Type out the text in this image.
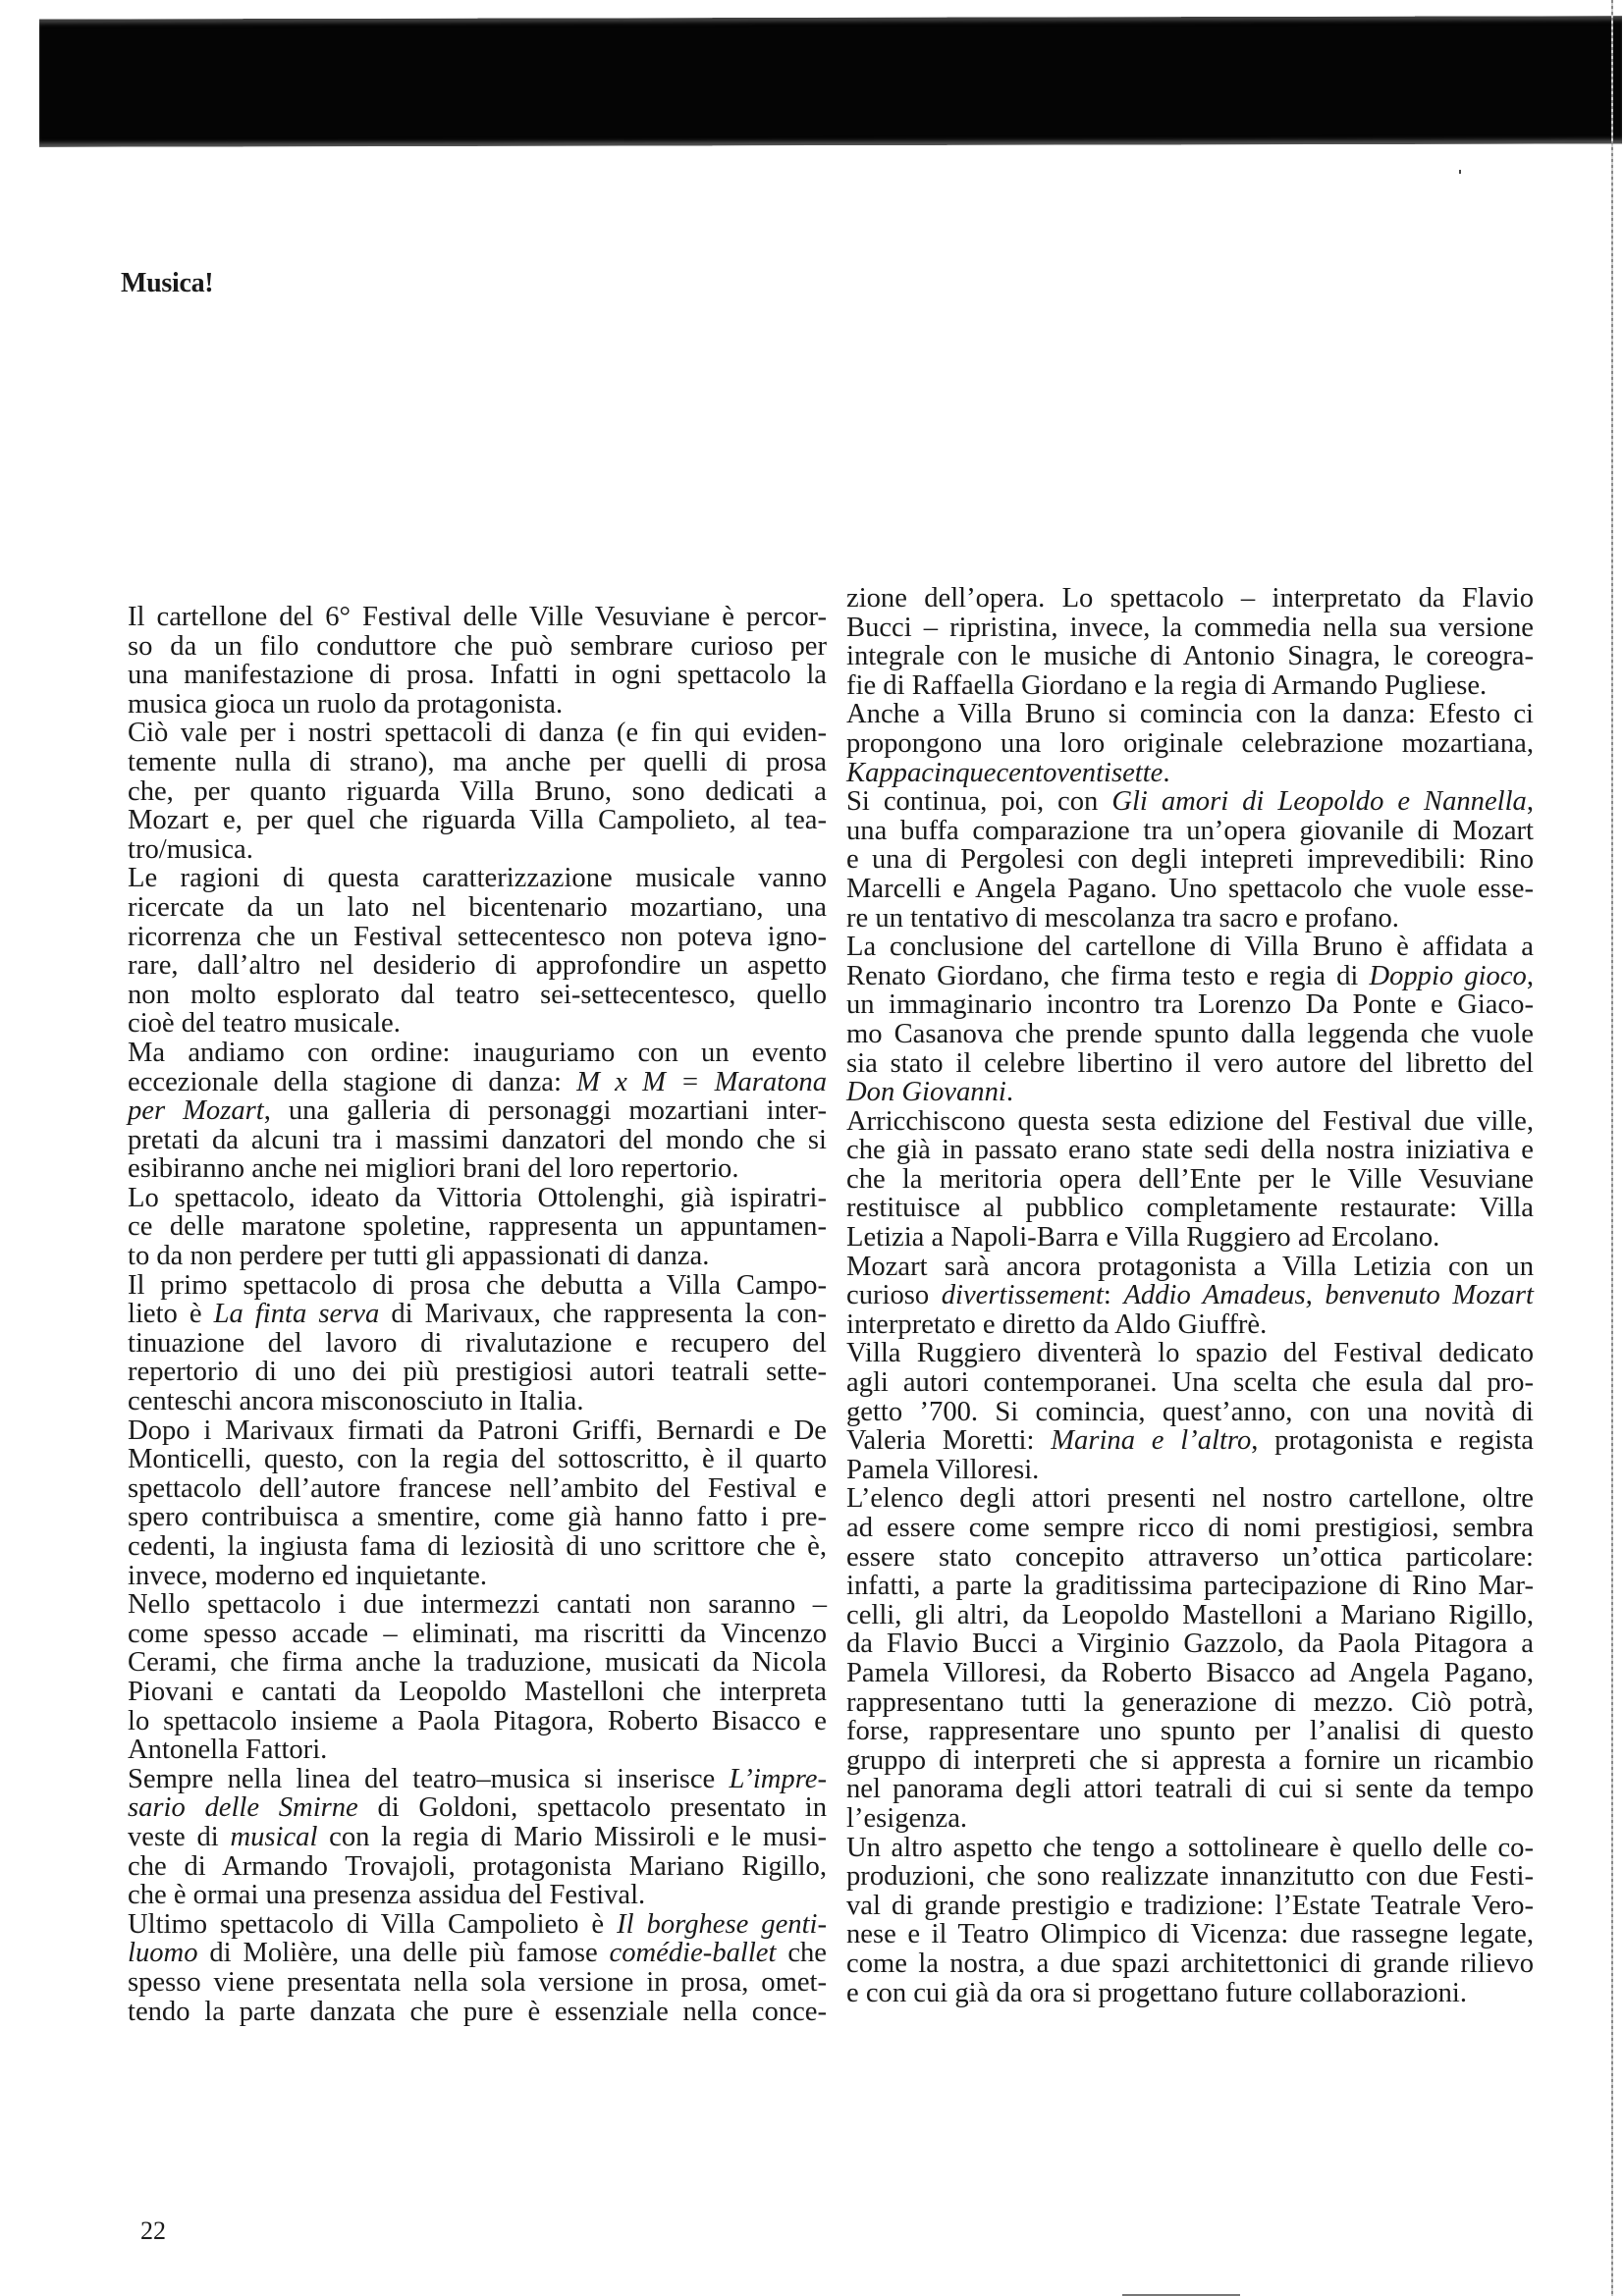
Musica!
Il cartellone del 6° Festival delle Ville Vesuviane è percor-
so da un filo conduttore che può sembrare curioso per
una manifestazione di prosa. Infatti in ogni spettacolo la
musica gioca un ruolo da protagonista.
Ciò vale per i nostri spettacoli di danza (e fin qui eviden-
temente nulla di strano), ma anche per quelli di prosa
che, per quanto riguarda Villa Bruno, sono dedicati a
Mozart e, per quel che riguarda Villa Campolieto, al tea-
tro/musica.
Le ragioni di questa caratterizzazione musicale vanno
ricercate da un lato nel bicentenario mozartiano, una
ricorrenza che un Festival settecentesco non poteva igno-
rare, dall’altro nel desiderio di approfondire un aspetto
non molto esplorato dal teatro sei-settecentesco, quello
cioè del teatro musicale.
Ma andiamo con ordine: inauguriamo con un evento
eccezionale della stagione di danza: M x M = Maratona
per Mozart, una galleria di personaggi mozartiani inter-
pretati da alcuni tra i massimi danzatori del mondo che si
esibiranno anche nei migliori brani del loro repertorio.
Lo spettacolo, ideato da Vittoria Ottolenghi, già ispiratri-
ce delle maratone spoletine, rappresenta un appuntamen-
to da non perdere per tutti gli appassionati di danza.
Il primo spettacolo di prosa che debutta a Villa Campo-
lieto è La finta serva di Marivaux, che rappresenta la con-
tinuazione del lavoro di rivalutazione e recupero del
repertorio di uno dei più prestigiosi autori teatrali sette-
centeschi ancora misconosciuto in Italia.
Dopo i Marivaux firmati da Patroni Griffi, Bernardi e De
Monticelli, questo, con la regia del sottoscritto, è il quarto
spettacolo dell’autore francese nell’ambito del Festival e
spero contribuisca a smentire, come già hanno fatto i pre-
cedenti, la ingiusta fama di leziosità di uno scrittore che è,
invece, moderno ed inquietante.
Nello spettacolo i due intermezzi cantati non saranno –
come spesso accade – eliminati, ma riscritti da Vincenzo
Cerami, che firma anche la traduzione, musicati da Nicola
Piovani e cantati da Leopoldo Mastelloni che interpreta
lo spettacolo insieme a Paola Pitagora, Roberto Bisacco e
Antonella Fattori.
Sempre nella linea del teatro–musica si inserisce L’impre-
sario delle Smirne di Goldoni, spettacolo presentato in
veste di musical con la regia di Mario Missiroli e le musi-
che di Armando Trovajoli, protagonista Mariano Rigillo,
che è ormai una presenza assidua del Festival.
Ultimo spettacolo di Villa Campolieto è Il borghese genti-
luomo di Molière, una delle più famose comédie-ballet che
spesso viene presentata nella sola versione in prosa, omet-
tendo la parte danzata che pure è essenziale nella conce-
zione dell’opera. Lo spettacolo – interpretato da Flavio
Bucci – ripristina, invece, la commedia nella sua versione
integrale con le musiche di Antonio Sinagra, le coreogra-
fie di Raffaella Giordano e la regia di Armando Pugliese.
Anche a Villa Bruno si comincia con la danza: Efesto ci
propongono una loro originale celebrazione mozartiana,
Kappacinquecentoventisette.
Si continua, poi, con Gli amori di Leopoldo e Nannella,
una buffa comparazione tra un’opera giovanile di Mozart
e una di Pergolesi con degli intepreti imprevedibili: Rino
Marcelli e Angela Pagano. Uno spettacolo che vuole esse-
re un tentativo di mescolanza tra sacro e profano.
La conclusione del cartellone di Villa Bruno è affidata a
Renato Giordano, che firma testo e regia di Doppio gioco,
un immaginario incontro tra Lorenzo Da Ponte e Giaco-
mo Casanova che prende spunto dalla leggenda che vuole
sia stato il celebre libertino il vero autore del libretto del
Don Giovanni.
Arricchiscono questa sesta edizione del Festival due ville,
che già in passato erano state sedi della nostra iniziativa e
che la meritoria opera dell’Ente per le Ville Vesuviane
restituisce al pubblico completamente restaurate: Villa
Letizia a Napoli-Barra e Villa Ruggiero ad Ercolano.
Mozart sarà ancora protagonista a Villa Letizia con un
curioso divertissement: Addio Amadeus, benvenuto Mozart
interpretato e diretto da Aldo Giuffrè.
Villa Ruggiero diventerà lo spazio del Festival dedicato
agli autori contemporanei. Una scelta che esula dal pro-
getto ’700. Si comincia, quest’anno, con una novità di
Valeria Moretti: Marina e l’altro, protagonista e regista
Pamela Villoresi.
L’elenco degli attori presenti nel nostro cartellone, oltre
ad essere come sempre ricco di nomi prestigiosi, sembra
essere stato concepito attraverso un’ottica particolare:
infatti, a parte la graditissima partecipazione di Rino Mar-
celli, gli altri, da Leopoldo Mastelloni a Mariano Rigillo,
da Flavio Bucci a Virginio Gazzolo, da Paola Pitagora a
Pamela Villoresi, da Roberto Bisacco ad Angela Pagano,
rappresentano tutti la generazione di mezzo. Ciò potrà,
forse, rappresentare uno spunto per l’analisi di questo
gruppo di interpreti che si appresta a fornire un ricambio
nel panorama degli attori teatrali di cui si sente da tempo
l’esigenza.
Un altro aspetto che tengo a sottolineare è quello delle co-
produzioni, che sono realizzate innanzitutto con due Festi-
val di grande prestigio e tradizione: l’Estate Teatrale Vero-
nese e il Teatro Olimpico di Vicenza: due rassegne legate,
come la nostra, a due spazi architettonici di grande rilievo
e con cui già da ora si progettano future collaborazioni.
22
